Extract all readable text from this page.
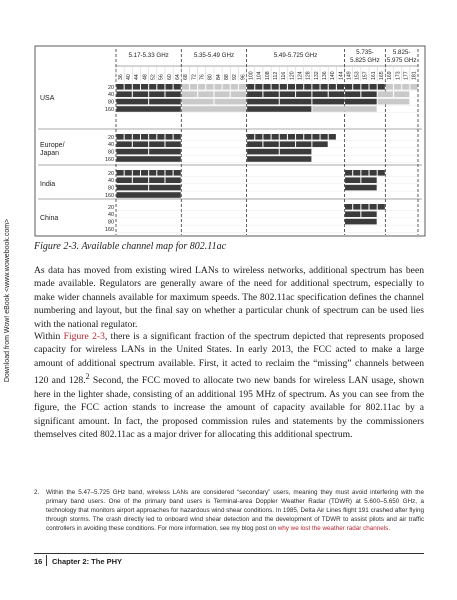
Download from Wow! eBook <www.wowebook.com>
5.17-5.33 GHz	5.35-5.49 GHz	5.49-5.725 GHz	5.735-
5.825 GHz
5.825-
5.975 GHz
36 40 44 48 52 56 60 64 68 72 76 80 84 88 92 96 100 104 108 112 116 120 124 128 132 136 140 144 149 153 157 161 165 169 173 177 181
USA
20
40
80
160
Europe/
Japan
20
40
80
160
India
20
40
80
160
China
20
40
80
160
Figure 2-3. Available channel map for 802.11ac

As data has moved from existing wired LANs to wireless networks, additional spectrum has been made available. Regulators are generally aware of the need for additional spectrum, especially to make wider channels available for maximum speeds. The 802.11ac specification defines the channel numbering and layout, but the final say on whether a particular chunk of spectrum can be used lies with the national regulator.

Within Figure 2-3, there is a significant fraction of the spectrum depicted that represents proposed capacity for wireless LANs in the United States. In early 2013, the FCC acted to make a large amount of additional spectrum available. First, it acted to reclaim the “missing” channels between 120 and 128.$^2$ Second, the FCC moved to allocate two new bands for wireless LAN usage, shown here in the lighter shade, consisting of an additional 195 MHz of spectrum. As you can see from the figure, the FCC action stands to increase the amount of capacity available for 802.11ac by a significant amount. In fact, the proposed commission rules and statements by the commissioners themselves cited 802.11ac as a major driver for allocating this additional spectrum.

2.	Within the 5.47–5.725 GHz band, wireless LANs are considered “secondary” users, meaning they must avoid interfering with the primary band users. One of the primary band users is Terminal-area Doppler Weather Radar (TDWR) at 5.600–5.650 GHz, a technology that monitors airport approaches for hazardous wind shear conditions. In 1985, Delta Air Lines flight 191 crashed after flying through storms. The crash directly led to onboard wind shear detection and the development of TDWR to assist pilots and air traffic controllers in avoiding these conditions. For more information, see my blog post on why we lost the weather radar channels.
16 Chapter 2: The PHY
